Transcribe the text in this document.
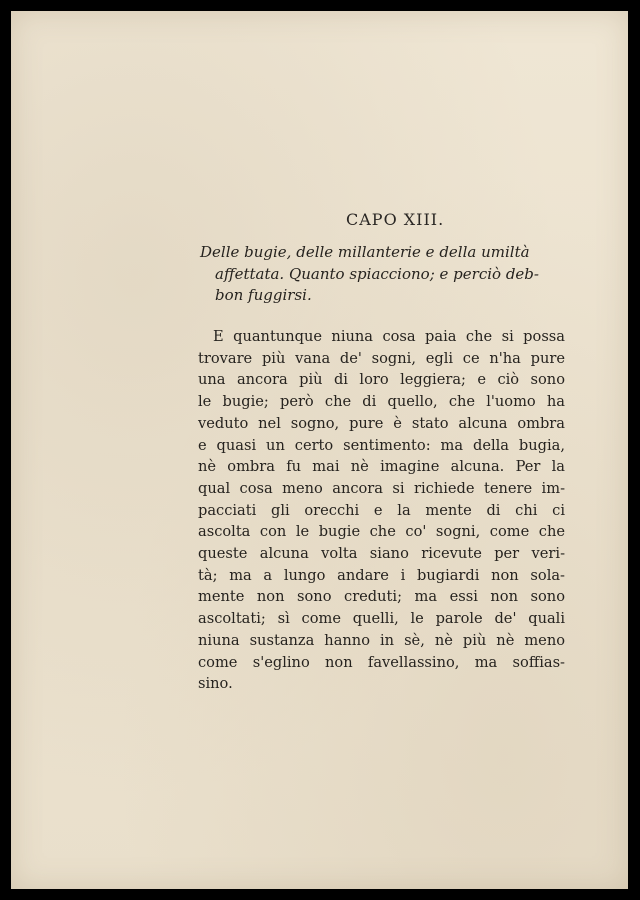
CAPO XIII.
Delle bugie, delle millanterie e della umiltà
affettata. Quanto spiacciono; e perciò deb-
bon fuggirsi.
E quantunque niuna cosa paia che si possa
trovare più vana de' sogni, egli ce n'ha pure
una ancora più di loro leggiera; e ciò sono
le bugie; però che di quello, che l'uomo ha
veduto nel sogno, pure è stato alcuna ombra
e quasi un certo sentimento: ma della bugia,
nè ombra fu mai nè imagine alcuna. Per la
qual cosa meno ancora si richiede tenere im-
pacciati gli orecchi e la mente di chi ci
ascolta con le bugie che co' sogni, come che
queste alcuna volta siano ricevute per veri-
tà; ma a lungo andare i bugiardi non sola-
mente non sono creduti; ma essi non sono
ascoltati; sì come quelli, le parole de' quali
niuna sustanza hanno in sè, nè più nè meno
come s'eglino non favellassino, ma soffias-
sino.
